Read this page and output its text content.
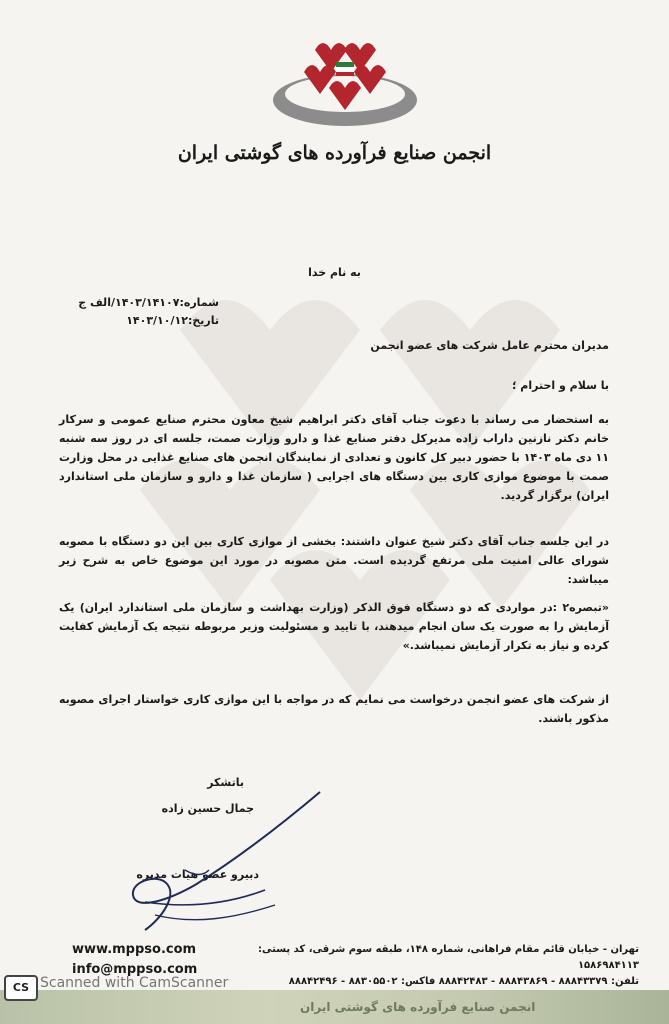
انجمن صنایع فرآورده های گوشتی ایران
به نام خدا
شماره:۱۴۰۳/۱۴۱۰۷/الف ج
تاریخ:۱۴۰۳/۱۰/۱۲
مدیران محترم عامل شرکت های عضو انجمن
با سلام و احترام ؛
به استحضار می رساند با دعوت جناب آقای دکتر ابراهیم شیخ معاون محترم صنایع عمومی و سرکار خانم دکتر نازنین داراب زاده مدیرکل دفتر صنایع غذا و دارو وزارت صمت، جلسه ای در روز سه شنبه ۱۱ دی ماه ۱۴۰۳ با حضور دبیر کل کانون و تعدادی از نمایندگان انجمن های صنایع غذایی در محل وزارت صمت با موضوع موازی کاری بین دستگاه های اجرایی ( سازمان غذا و دارو و سازمان ملی استاندارد ایران) برگزار گردید.
در این جلسه جناب آقای دکتر شیخ عنوان داشتند: بخشی از موازی کاری بین این دو دستگاه با مصوبه شورای عالی امنیت ملی مرتفع گردیده است. متن مصوبه در مورد این موضوع خاص به شرح زیر میباشد:
«تبصره۲ :در مواردی که دو دستگاه فوق الذکر (وزارت بهداشت و سازمان ملی استاندارد ایران) یک آزمایش را به صورت یک سان انجام میدهند، با تایید و مسئولیت وزیر مربوطه نتیجه یک آزمایش کفایت کرده و نیاز به تکرار آزمایش نمیباشد.»
از شرکت های عضو انجمن درخواست می نمایم که در مواجه با این موازی کاری خواستار اجرای مصوبه مذکور باشند.
باتشکر
جمال حسین زاده
دبیرو عضو هیات مدیره
www.mppso.com
info@mppso.com
تهران - خیابان قائم مقام فراهانی، شماره ۱۴۸، طبقه سوم شرقی، کد پستی: ۱۵۸۶۹۸۴۱۱۳
تلفن: ۸۸۸۴۳۳۷۹ - ۸۸۸۴۳۸۶۹ - ۸۸۸۴۲۴۸۳ فاکس: ۸۸۳۰۵۵۰۲ - ۸۸۸۴۲۴۹۶
انجمن صنایع فرآورده های گوشتی ایران
CS Scanned with CamScanner
